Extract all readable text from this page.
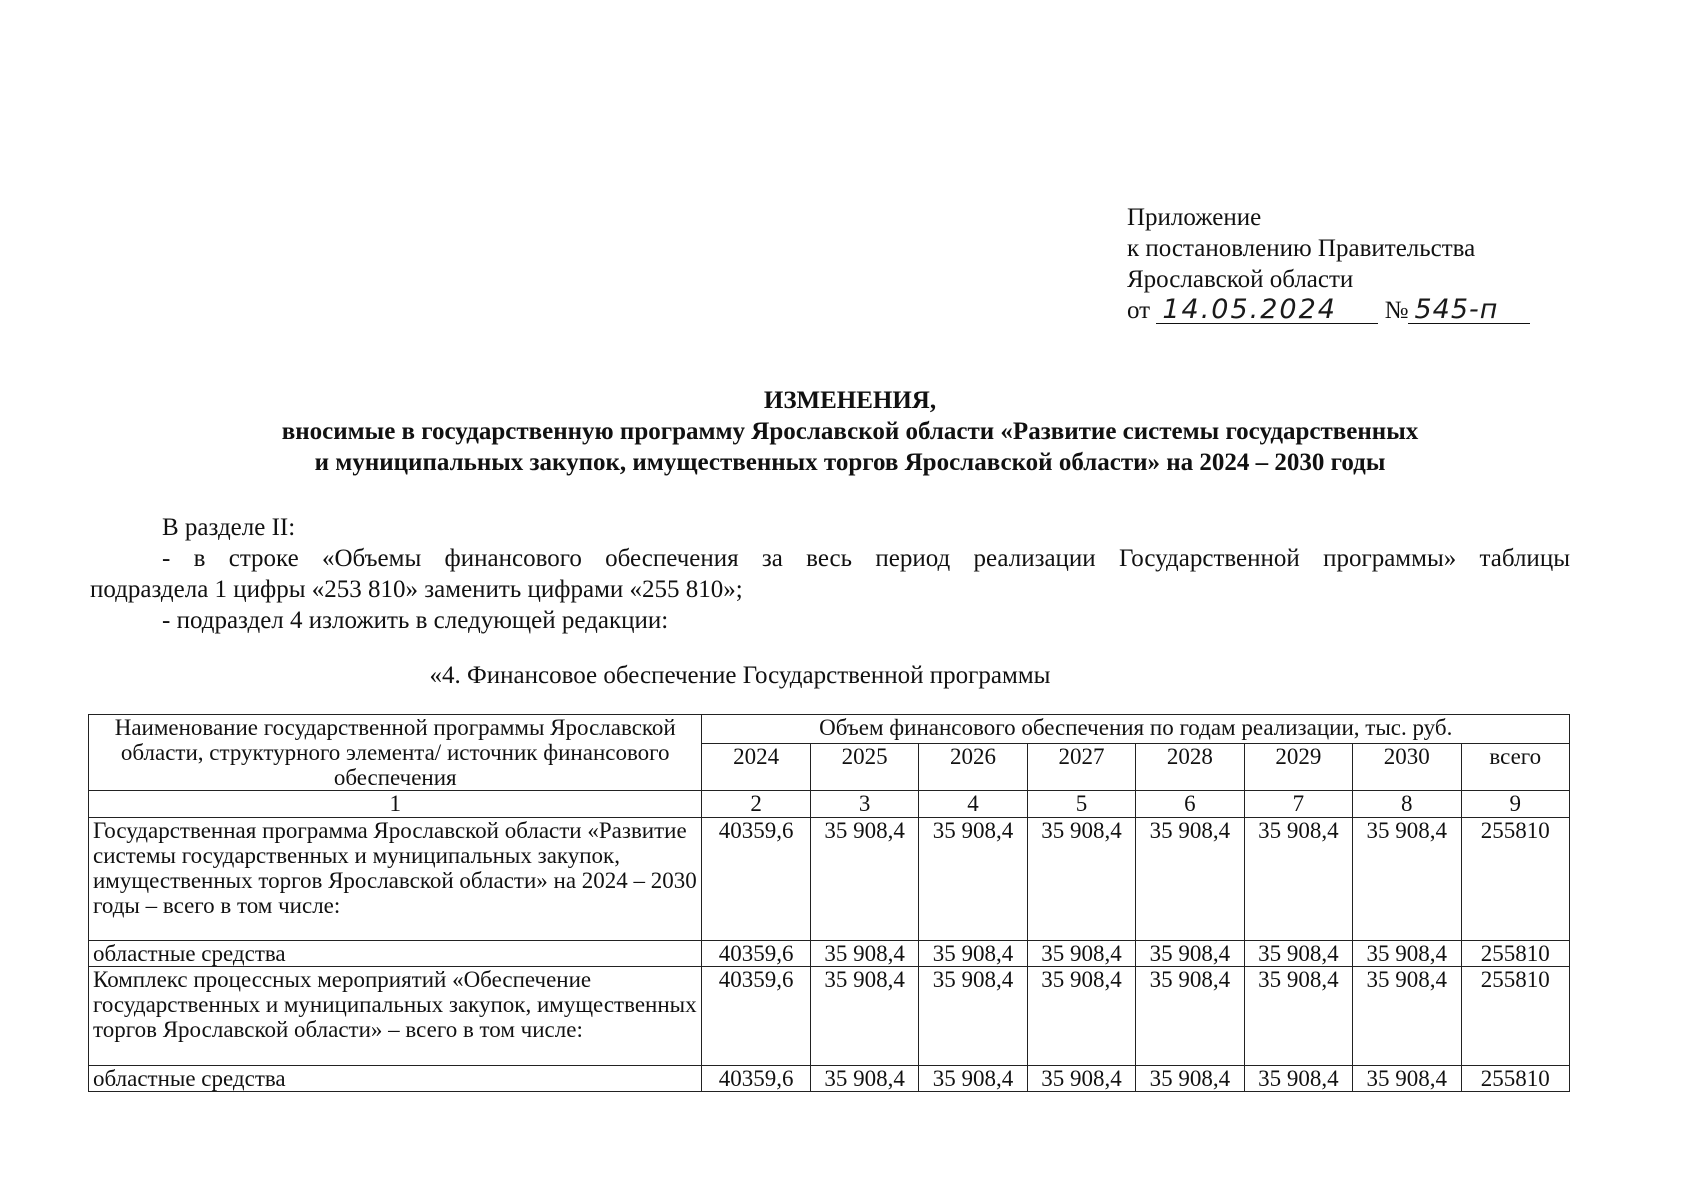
Приложение
к постановлению Правительства
Ярославской области
от 14.05.2024 № 545-п
ИЗМЕНЕНИЯ,
вносимые в государственную программу Ярославской области «Развитие системы государственных
и муниципальных закупок, имущественных торгов Ярославской области» на 2024 – 2030 годы
В разделе II:
- в строке «Объемы финансового обеспечения за весь период реализации Государственной программы» таблицы
подраздела 1 цифры «253 810» заменить цифрами «255 810»;
- подраздел 4 изложить в следующей редакции:
«4. Финансовое обеспечение Государственной программы
Наименование государственной программы Ярославской области, структурного элемента/ источник финансового обеспечения	Объем финансового обеспечения по годам реализации, тыс. руб.							
	2024	2025	2026	2027	2028	2029	2030	всего
1	2	3	4	5	6	7	8	9
Государственная программа Ярославской области «Развитие системы государственных и муниципальных закупок, имущественных торгов Ярославской области» на 2024 – 2030 годы – всего в том числе:	40359,6	35 908,4	35 908,4	35 908,4	35 908,4	35 908,4	35 908,4	255810
областные средства	40359,6	35 908,4	35 908,4	35 908,4	35 908,4	35 908,4	35 908,4	255810
Комплекс процессных мероприятий «Обеспечение государственных и муниципальных закупок, имущественных торгов Ярославской области» – всего в том числе:	40359,6	35 908,4	35 908,4	35 908,4	35 908,4	35 908,4	35 908,4	255810
областные средства	40359,6	35 908,4	35 908,4	35 908,4	35 908,4	35 908,4	35 908,4	255810
